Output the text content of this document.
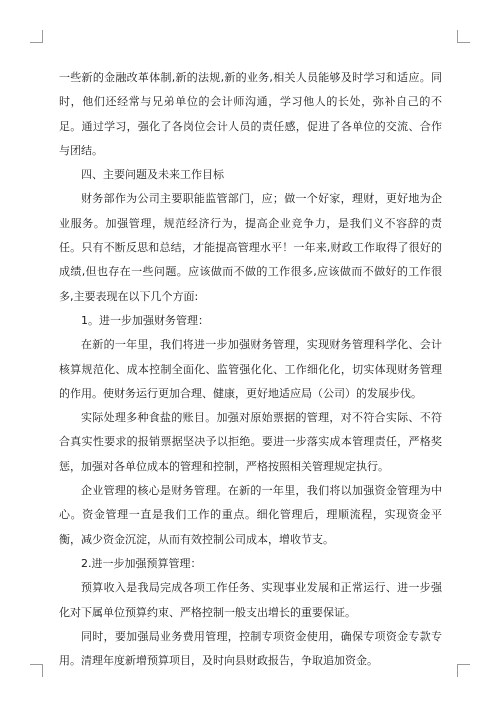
一些新的金融改革体制,新的法规,新的业务,相关人员能够及时学习和适应。同时，他们还经常与兄弟单位的会计师沟通，学习他人的长处，弥补自己的不足。通过学习，强化了各岗位会计人员的责任感，促进了各单位的交流、合作与团结。

四、主要问题及未来工作目标

财务部作为公司主要职能监管部门，应；做一个好家，理财，更好地为企业服务。加强管理，规范经济行为，提高企业竞争力，是我们义不容辞的责任。只有不断反思和总结，才能提高管理水平！一年来,财政工作取得了很好的成绩,但也存在一些问题。应该做而不做的工作很多,应该做而不做好的工作很多,主要表现在以下几个方面:

1。进一步加强财务管理：

在新的一年里，我们将进一步加强财务管理，实现财务管理科学化、会计核算规范化、成本控制全面化、监管强化化、工作细化化，切实体现财务管理的作用。使财务运行更加合理、健康，更好地适应局（公司）的发展步伐。

实际处理多种食盐的账目。加强对原始票据的管理，对不符合实际、不符合真实性要求的报销票据坚决予以拒绝。要进一步落实成本管理责任，严格奖惩，加强对各单位成本的管理和控制，严格按照相关管理规定执行。

企业管理的核心是财务管理。在新的一年里，我们将以加强资金管理为中心。资金管理一直是我们工作的重点。细化管理后，理顺流程，实现资金平衡，减少资金沉淀，从而有效控制公司成本，增收节支。

2.进一步加强预算管理：

预算收入是我局完成各项工作任务、实现事业发展和正常运行、进一步强化对下属单位预算约束、严格控制一般支出增长的重要保证。

同时，要加强局业务费用管理，控制专项资金使用，确保专项资金专款专用。清理年度新增预算项目，及时向县财政报告，争取追加资金。
